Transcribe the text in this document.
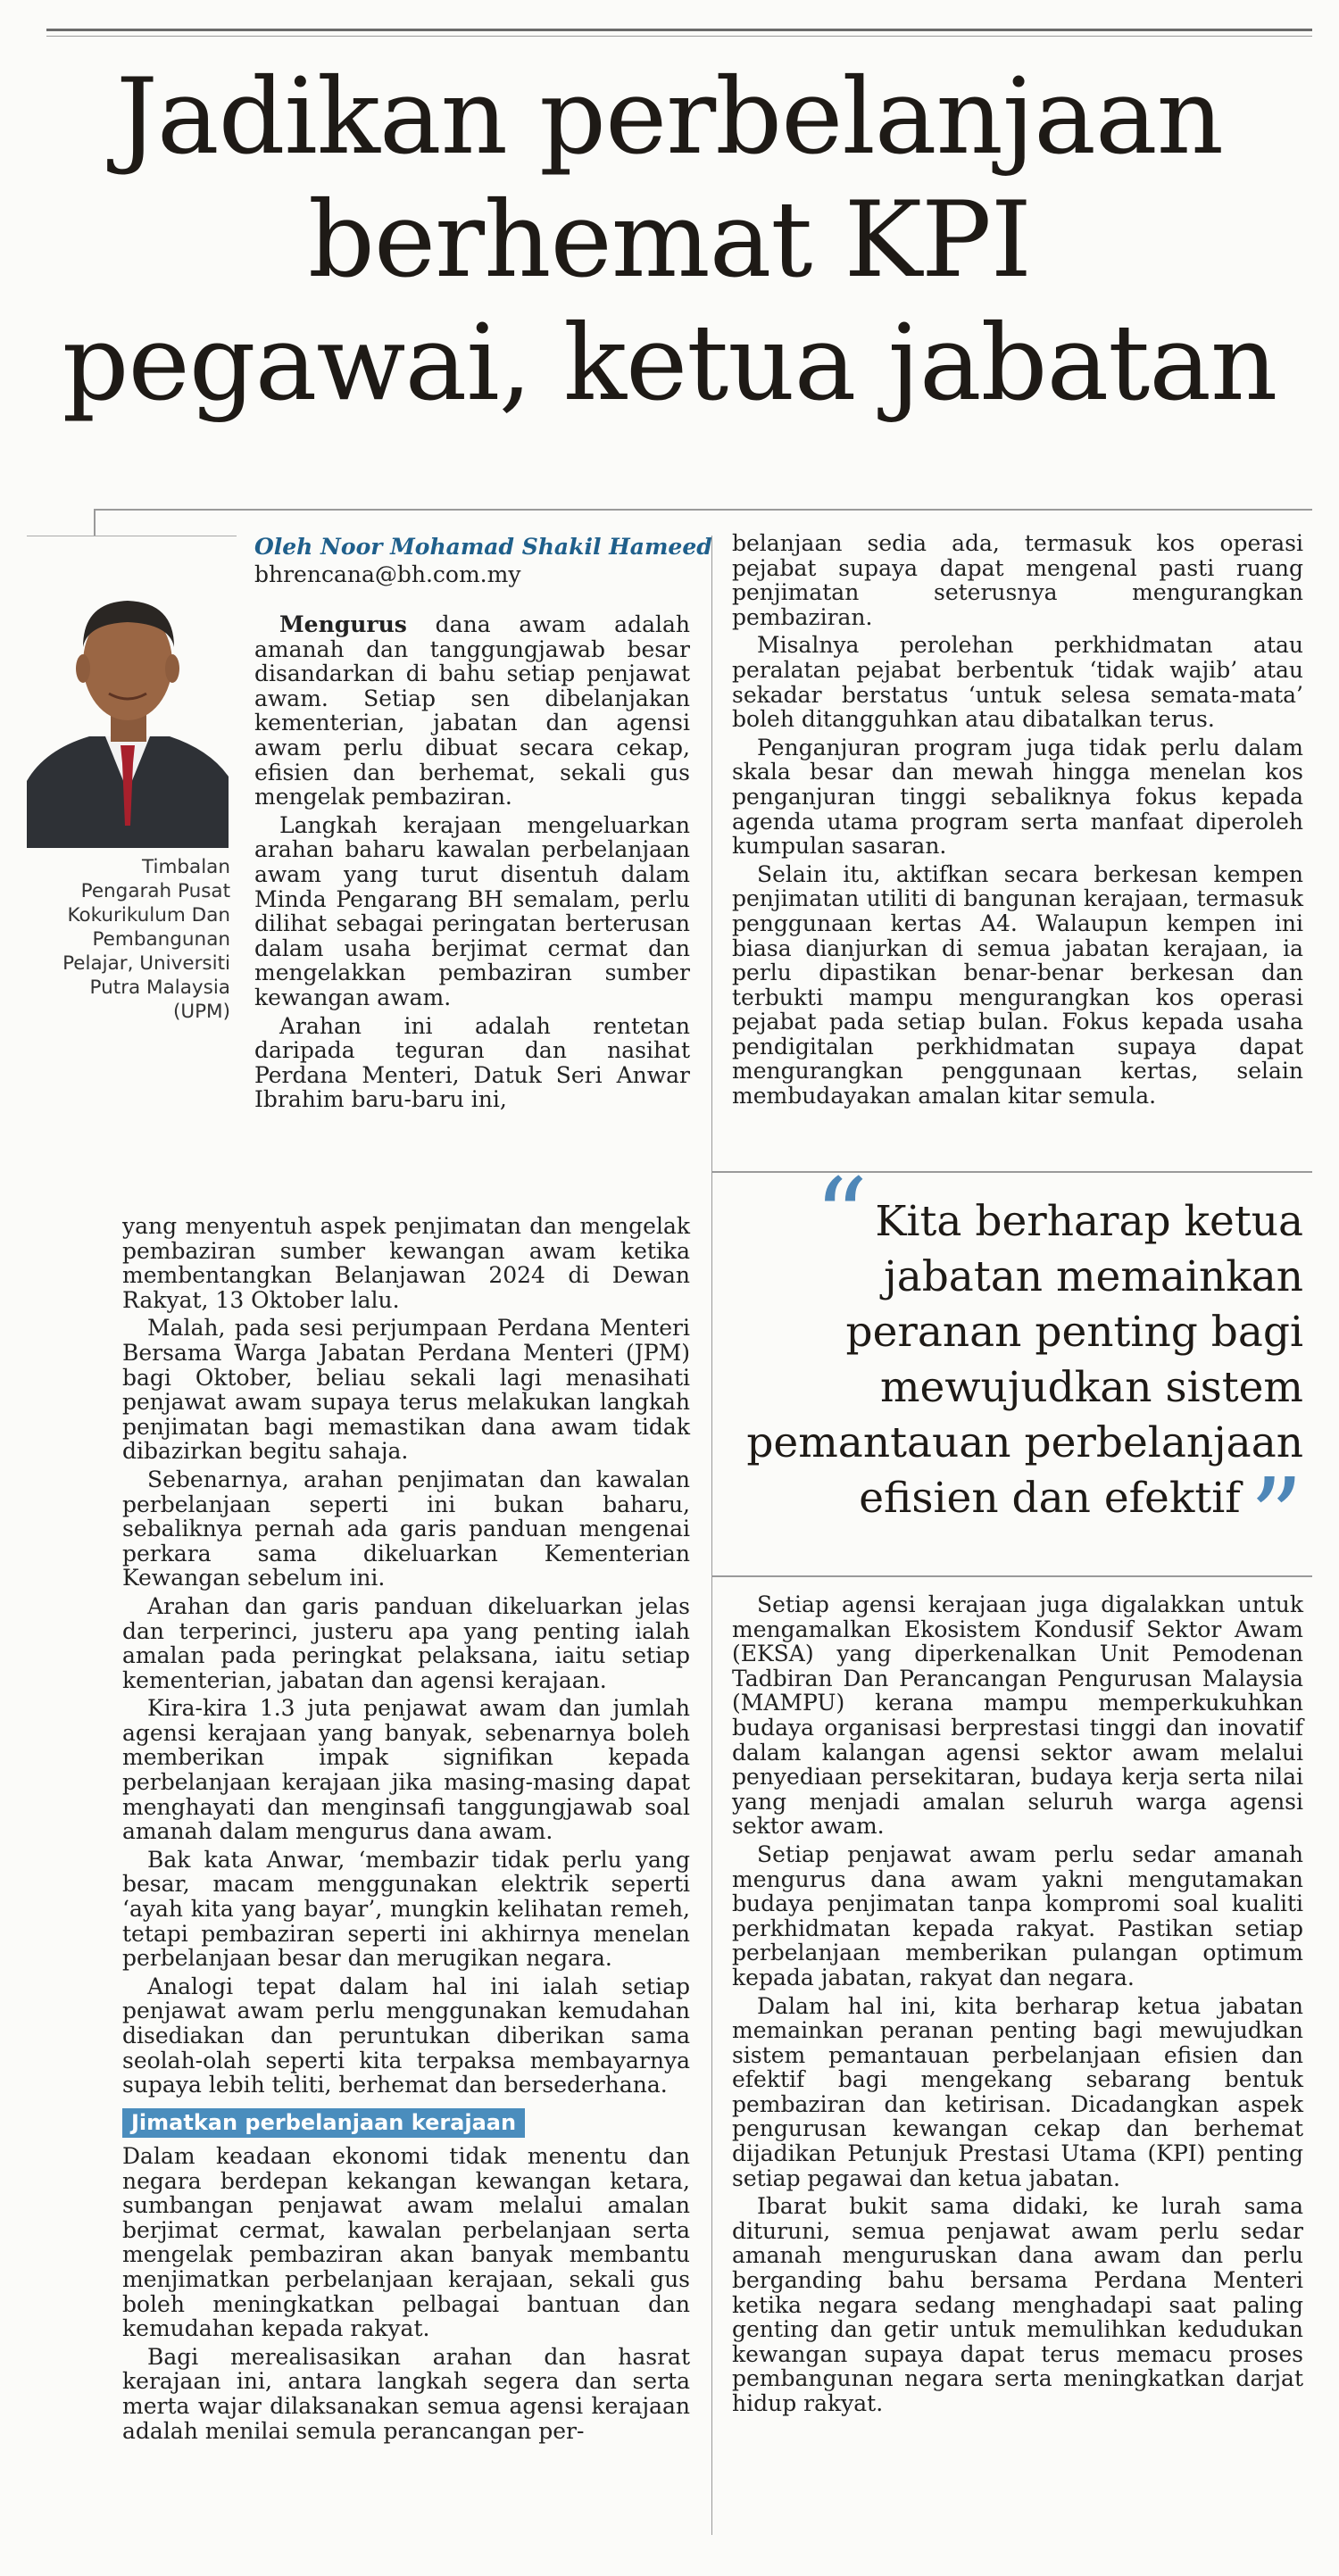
Jadikan perbelanjaan
berhemat KPI
pegawai, ketua jabatan
Timbalan
Pengarah Pusat
Kokurikulum Dan
Pembangunan
Pelajar, Universiti
Putra Malaysia
(UPM)
Oleh Noor Mohamad Shakil Hameed
bhrencana@bh.com.my

Mengurus dana awam adalah amanah dan tanggungjawab besar disandarkan di bahu setiap penjawat awam. Setiap sen dibelanjakan kementerian, jabatan dan agensi awam perlu dibuat secara cekap, efisien dan berhemat, sekali gus mengelak pembaziran.

Langkah kerajaan mengeluarkan arahan baharu kawalan perbelanjaan awam yang turut disentuh dalam Minda Pengarang BH semalam, perlu dilihat sebagai peringatan berterusan dalam usaha berjimat cermat dan mengelakkan pembaziran sumber kewangan awam.

Arahan ini adalah rentetan daripada teguran dan nasihat Perdana Menteri, Datuk Seri Anwar Ibrahim baru-baru ini,

yang menyentuh aspek penjimatan dan mengelak pembaziran sumber kewangan awam ketika membentangkan Belanjawan 2024 di Dewan Rakyat, 13 Oktober lalu.

Malah, pada sesi perjumpaan Perdana Menteri Bersama Warga Jabatan Perdana Menteri (JPM) bagi Oktober, beliau sekali lagi menasihati penjawat awam supaya terus melakukan langkah penjimatan bagi memastikan dana awam tidak dibazirkan begitu sahaja.

Sebenarnya, arahan penjimatan dan kawalan perbelanjaan seperti ini bukan baharu, sebaliknya pernah ada garis panduan mengenai perkara sama dikeluarkan Kementerian Kewangan sebelum ini.

Arahan dan garis panduan dikeluarkan jelas dan terperinci, justeru apa yang penting ialah amalan pada peringkat pelaksana, iaitu setiap kementerian, jabatan dan agensi kerajaan.

Kira-kira 1.3 juta penjawat awam dan jumlah agensi kerajaan yang banyak, sebenarnya boleh memberikan impak signifikan kepada perbelanjaan kerajaan jika masing-masing dapat menghayati dan menginsafi tanggungjawab soal amanah dalam mengurus dana awam.

Bak kata Anwar, ‘membazir tidak perlu yang besar, macam menggunakan elektrik seperti ‘ayah kita yang bayar’, mungkin kelihatan remeh, tetapi pembaziran seperti ini akhirnya menelan perbelanjaan besar dan merugikan negara.

Analogi tepat dalam hal ini ialah setiap penjawat awam perlu menggunakan kemudahan disediakan dan peruntukan diberikan sama seolah-olah seperti kita terpaksa membayarnya supaya lebih teliti, berhemat dan bersederhana.

Jimatkan perbelanjaan kerajaan

Dalam keadaan ekonomi tidak menentu dan negara berdepan kekangan kewangan ketara, sumbangan penjawat awam melalui amalan berjimat cermat, kawalan perbelanjaan serta mengelak pembaziran akan banyak membantu menjimatkan perbelanjaan kerajaan, sekali gus boleh meningkatkan pelbagai bantuan dan kemudahan kepada rakyat.

Bagi merealisasikan arahan dan hasrat kerajaan ini, antara langkah segera dan serta merta wajar dilaksanakan semua agensi kerajaan adalah menilai semula perancangan per-

belanjaan sedia ada, termasuk kos operasi pejabat supaya dapat mengenal pasti ruang penjimatan seterusnya mengurangkan pembaziran.

Misalnya perolehan perkhidmatan atau peralatan pejabat berbentuk ‘tidak wajib’ atau sekadar berstatus ‘untuk selesa semata-mata’ boleh ditangguhkan atau dibatalkan terus.

Penganjuran program juga tidak perlu dalam skala besar dan mewah hingga menelan kos penganjuran tinggi sebaliknya fokus kepada agenda utama program serta manfaat diperoleh kumpulan sasaran.

Selain itu, aktifkan secara berkesan kempen penjimatan utiliti di bangunan kerajaan, termasuk penggunaan kertas A4. Walaupun kempen ini biasa dianjurkan di semua jabatan kerajaan, ia perlu dipastikan benar-benar berkesan dan terbukti mampu mengurangkan kos operasi pejabat pada setiap bulan. Fokus kepada usaha pendigitalan perkhidmatan supaya dapat mengurangkan penggunaan kertas, selain membudayakan amalan kitar semula.

“ Kita berharap ketua
jabatan memainkan
peranan penting bagi
mewujudkan sistem
pemantauan perbelanjaan
efisien dan efektif”

Setiap agensi kerajaan juga digalakkan untuk mengamalkan Ekosistem Kondusif Sektor Awam (EKSA) yang diperkenalkan Unit Pemodenan Tadbiran Dan Perancangan Pengurusan Malaysia (MAMPU) kerana mampu memperkukuhkan budaya organisasi berprestasi tinggi dan inovatif dalam kalangan agensi sektor awam melalui penyediaan persekitaran, budaya kerja serta nilai yang menjadi amalan seluruh warga agensi sektor awam.

Setiap penjawat awam perlu sedar amanah mengurus dana awam yakni mengutamakan budaya penjimatan tanpa kompromi soal kualiti perkhidmatan kepada rakyat. Pastikan setiap perbelanjaan memberikan pulangan optimum kepada jabatan, rakyat dan negara.

Dalam hal ini, kita berharap ketua jabatan memainkan peranan penting bagi mewujudkan sistem pemantauan perbelanjaan efisien dan efektif bagi mengekang sebarang bentuk pembaziran dan ketirisan. Dicadangkan aspek pengurusan kewangan cekap dan berhemat dijadikan Petunjuk Prestasi Utama (KPI) penting setiap pegawai dan ketua jabatan.

Ibarat bukit sama didaki, ke lurah sama dituruni, semua penjawat awam perlu sedar amanah menguruskan dana awam dan perlu berganding bahu bersama Perdana Menteri ketika negara sedang menghadapi saat paling genting dan getir untuk memulihkan kedudukan kewangan supaya dapat terus memacu proses pembangunan negara serta meningkatkan darjat hidup rakyat.
